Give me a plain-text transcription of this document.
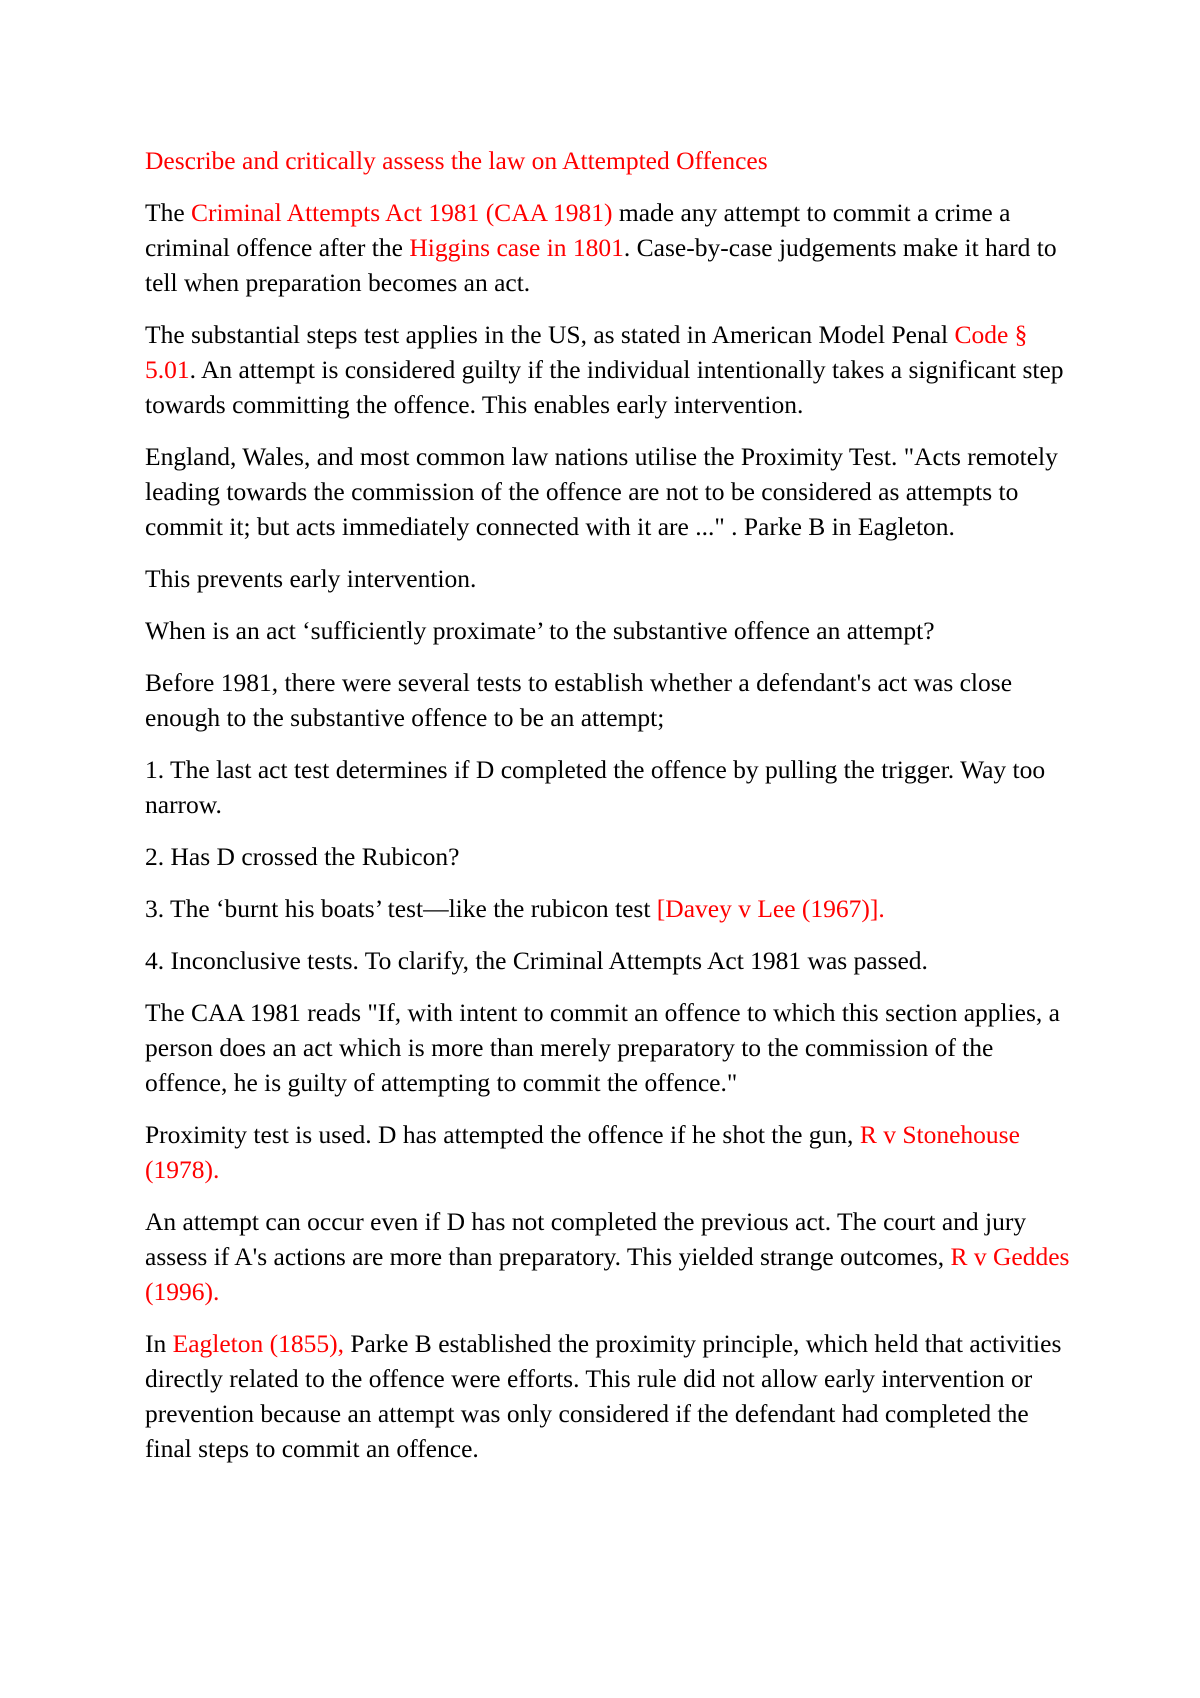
Describe and critically assess the law on Attempted Offences

The Criminal Attempts Act 1981 (CAA 1981) made any attempt to commit a crime a criminal offence after the Higgins case in 1801. Case-by-case judgements make it hard to tell when preparation becomes an act.

The substantial steps test applies in the US, as stated in American Model Penal Code § 5.01. An attempt is considered guilty if the individual intentionally takes a significant step towards committing the offence. This enables early intervention.

England, Wales, and most common law nations utilise the Proximity Test. "Acts remotely leading towards the commission of the offence are not to be considered as attempts to commit it; but acts immediately connected with it are ..." . Parke B in Eagleton.

This prevents early intervention.

When is an act ‘sufficiently proximate’ to the substantive offence an attempt?

Before 1981, there were several tests to establish whether a defendant's act was close enough to the substantive offence to be an attempt;

1. The last act test determines if D completed the offence by pulling the trigger. Way too narrow.

2. Has D crossed the Rubicon?

3. The ‘burnt his boats’ test—like the rubicon test [Davey v Lee (1967)].

4. Inconclusive tests. To clarify, the Criminal Attempts Act 1981 was passed.

The CAA 1981 reads "If, with intent to commit an offence to which this section applies, a person does an act which is more than merely preparatory to the commission of the offence, he is guilty of attempting to commit the offence."

Proximity test is used. D has attempted the offence if he shot the gun, R v Stonehouse (1978).

An attempt can occur even if D has not completed the previous act. The court and jury assess if A's actions are more than preparatory. This yielded strange outcomes, R v Geddes (1996).

In Eagleton (1855), Parke B established the proximity principle, which held that activities directly related to the offence were efforts. This rule did not allow early intervention or prevention because an attempt was only considered if the defendant had completed the final steps to commit an offence.
